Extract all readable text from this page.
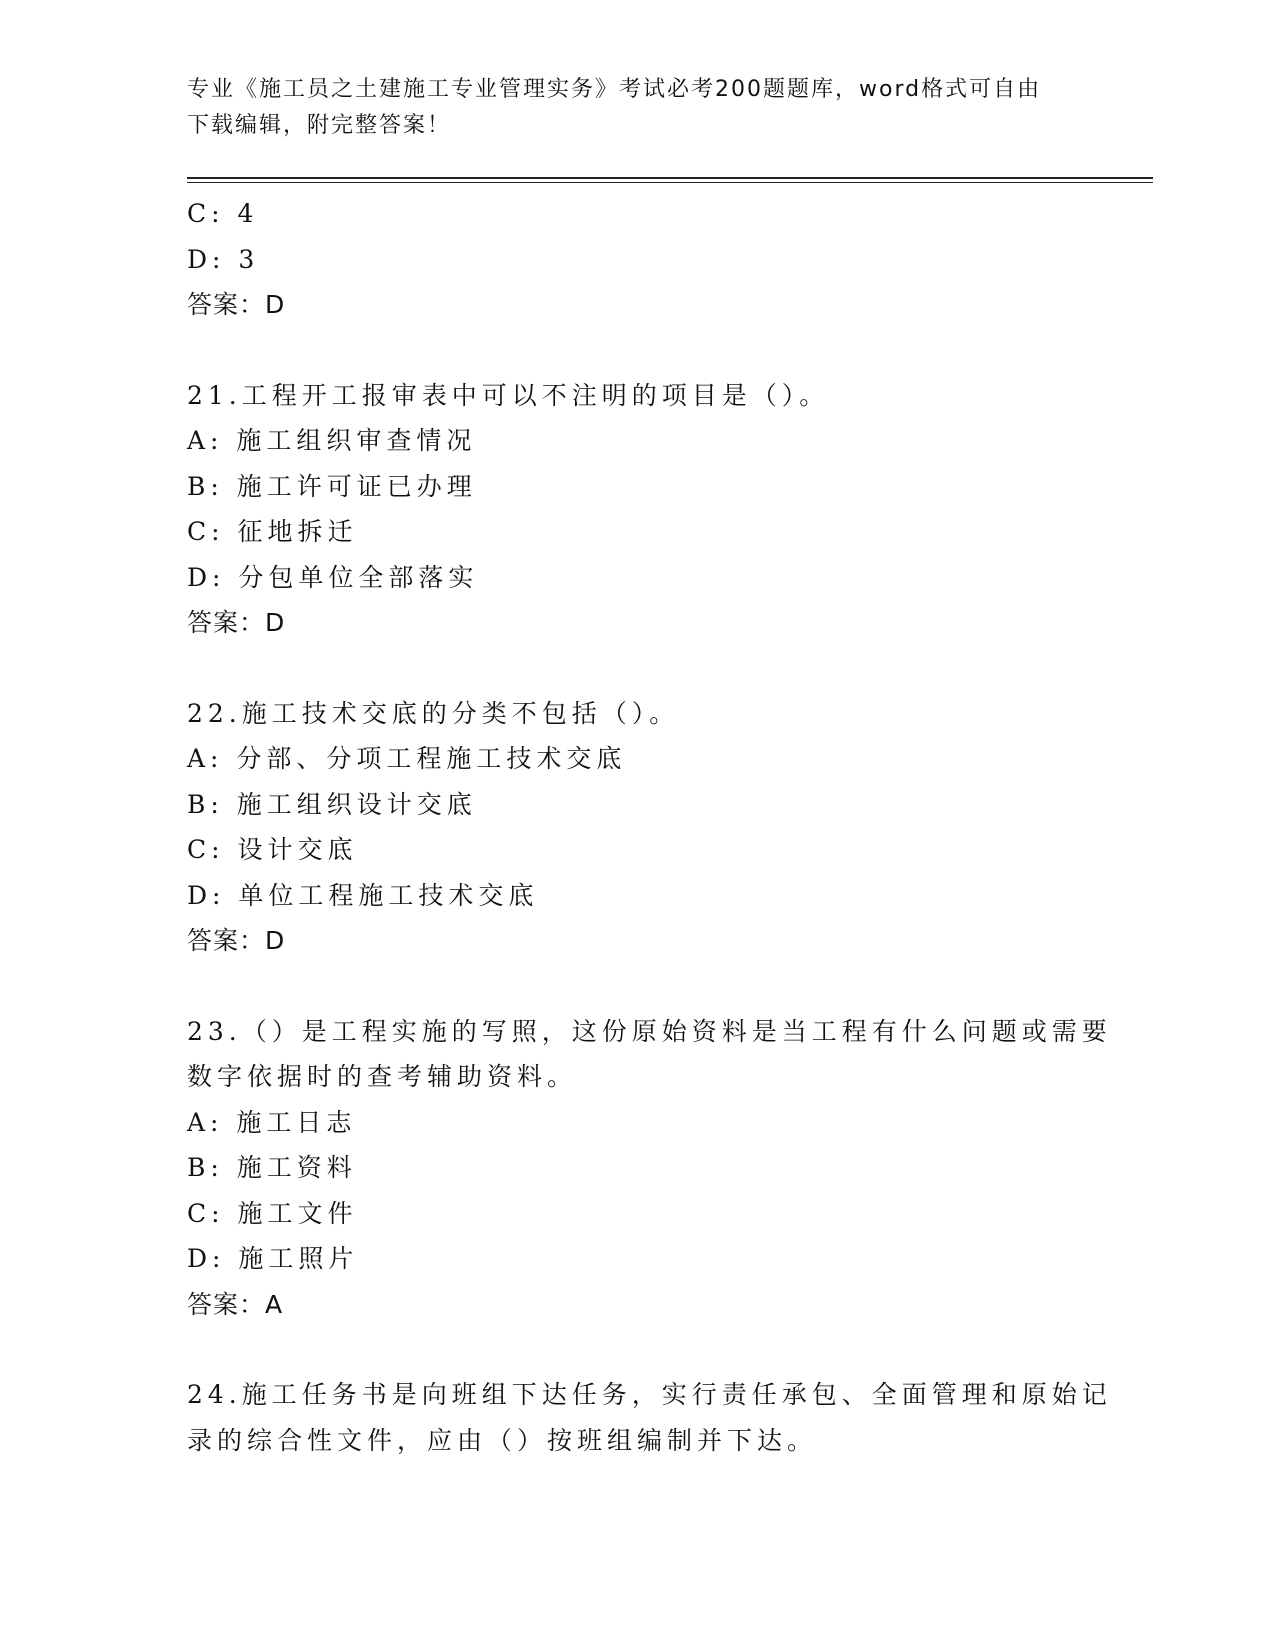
专业《施工员之土建施工专业管理实务》考试必考200题题库，word格式可自由
下载编辑，附完整答案！
C: 4
D: 3
答案：D
21.工程开工报审表中可以不注明的项目是（）。
A: 施工组织审查情况
B: 施工许可证已办理
C: 征地拆迁
D: 分包单位全部落实
答案：D
22.施工技术交底的分类不包括（）。
A: 分部、分项工程施工技术交底
B: 施工组织设计交底
C: 设计交底
D: 单位工程施工技术交底
答案：D
23.（）是工程实施的写照，这份原始资料是当工程有什么问题或需要
数字依据时的查考辅助资料。
A: 施工日志
B: 施工资料
C: 施工文件
D: 施工照片
答案：A
24.施工任务书是向班组下达任务，实行责任承包、全面管理和原始记
录的综合性文件，应由（）按班组编制并下达。
